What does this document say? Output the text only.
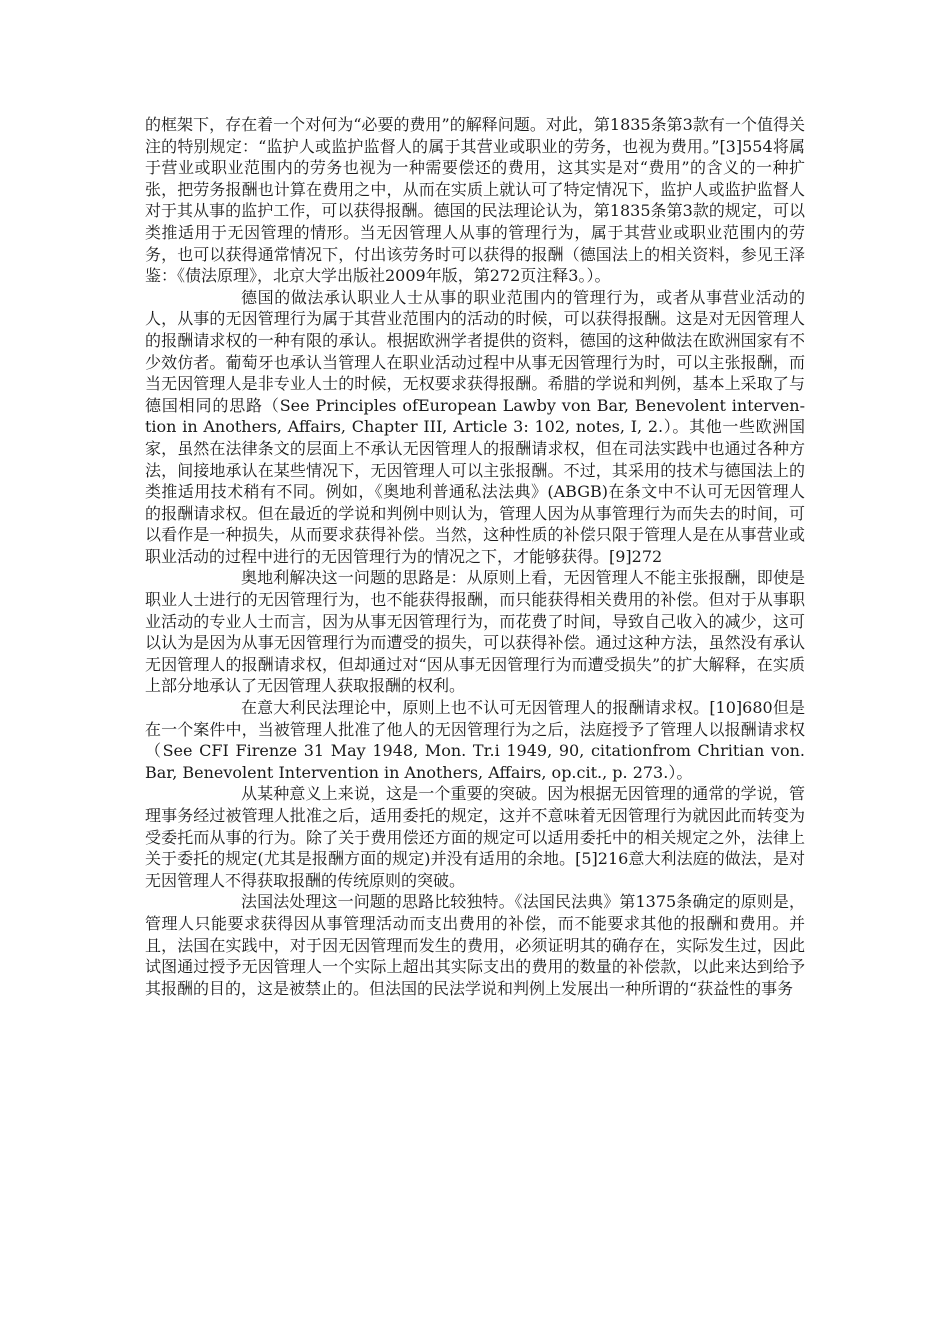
的框架下，存在着一个对何为“必要的费用”的解释问题。对此，第1835条第3款有一个值得关注的特别规定：“监护人或监护监督人的属于其营业或职业的劳务，也视为费用。”[3]554将属于营业或职业范围内的劳务也视为一种需要偿还的费用，这其实是对“费用”的含义的一种扩张，把劳务报酬也计算在费用之中，从而在实质上就认可了特定情况下，监护人或监护监督人对于其从事的监护工作，可以获得报酬。德国的民法理论认为，第1835条第3款的规定，可以类推适用于无因管理的情形。当无因管理人从事的管理行为，属于其营业或职业范围内的劳务，也可以获得通常情况下，付出该劳务时可以获得的报酬（德国法上的相关资料，参见王泽鉴：《债法原理》，北京大学出版社2009年版，第272页注释3。）。

德国的做法承认职业人士从事的职业范围内的管理行为，或者从事营业活动的人，从事的无因管理行为属于其营业范围内的活动的时候，可以获得报酬。这是对无因管理人的报酬请求权的一种有限的承认。根据欧洲学者提供的资料，德国的这种做法在欧洲国家有不少效仿者。葡萄牙也承认当管理人在职业活动过程中从事无因管理行为时，可以主张报酬，而当无因管理人是非专业人士的时候，无权要求获得报酬。希腊的学说和判例，基本上采取了与德国相同的思路（See Principles ofEuropean Lawby von Bar, Benevolent interven-tion in Anothers, Affairs, Chapter III, Article 3: 102, notes, I, 2.）。其他一些欧洲国家，虽然在法律条文的层面上不承认无因管理人的报酬请求权，但在司法实践中也通过各种方法，间接地承认在某些情况下，无因管理人可以主张报酬。不过，其采用的技术与德国法上的类推适用技术稍有不同。例如，《奥地利普通私法法典》(ABGB)在条文中不认可无因管理人的报酬请求权。但在最近的学说和判例中则认为，管理人因为从事管理行为而失去的时间，可以看作是一种损失，从而要求获得补偿。当然，这种性质的补偿只限于管理人是在从事营业或职业活动的过程中进行的无因管理行为的情况之下，才能够获得。[9]272

奥地利解决这一问题的思路是：从原则上看，无因管理人不能主张报酬，即使是职业人士进行的无因管理行为，也不能获得报酬，而只能获得相关费用的补偿。但对于从事职业活动的专业人士而言，因为从事无因管理行为，而花费了时间，导致自己收入的减少，这可以认为是因为从事无因管理行为而遭受的损失，可以获得补偿。通过这种方法，虽然没有承认无因管理人的报酬请求权，但却通过对“因从事无因管理行为而遭受损失”的扩大解释，在实质上部分地承认了无因管理人获取报酬的权利。

在意大利民法理论中，原则上也不认可无因管理人的报酬请求权。[10]680但是在一个案件中，当被管理人批准了他人的无因管理行为之后，法庭授予了管理人以报酬请求权（See CFI Firenze 31 May 1948, Mon. Tr.i 1949, 90, citationfrom Chritian von. Bar, Benevolent Intervention in Anothers, Affairs, op.cit., p. 273.）。

从某种意义上来说，这是一个重要的突破。因为根据无因管理的通常的学说，管理事务经过被管理人批准之后，适用委托的规定，这并不意味着无因管理行为就因此而转变为受委托而从事的行为。除了关于费用偿还方面的规定可以适用委托中的相关规定之外，法律上关于委托的规定(尤其是报酬方面的规定)并没有适用的余地。[5]216意大利法庭的做法，是对无因管理人不得获取报酬的传统原则的突破。

法国法处理这一问题的思路比较独特。《法国民法典》第1375条确定的原则是，管理人只能要求获得因从事管理活动而支出费用的补偿，而不能要求其他的报酬和费用。并且，法国在实践中，对于因无因管理而发生的费用，必须证明其的确存在，实际发生过，因此试图通过授予无因管理人一个实际上超出其实际支出的费用的数量的补偿款，以此来达到给予其报酬的目的，这是被禁止的。但法国的民法学说和判例上发展出一种所谓的“获益性的事务
